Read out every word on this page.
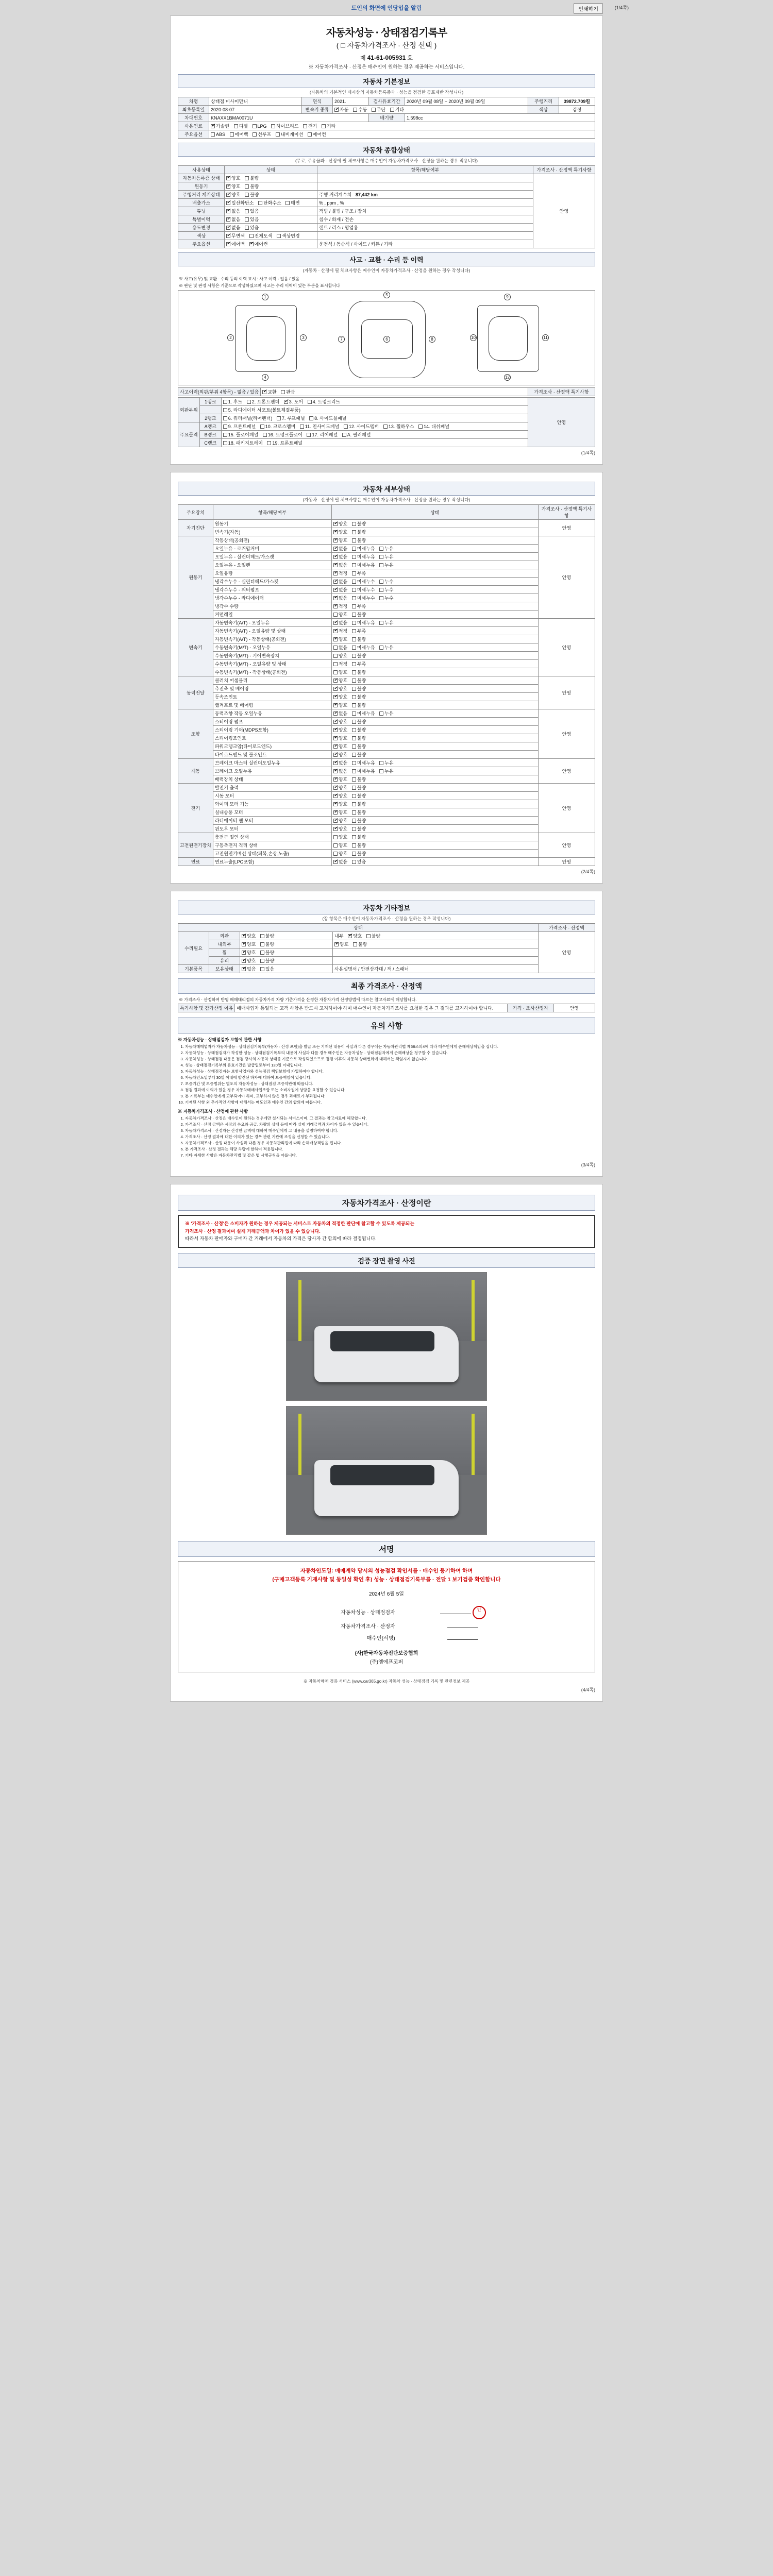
트인의 화면에 인당입을 알림	인쇄하기	(1/4쪽)
자동차성능 · 상태점검기록부
( □ 자동차가격조사 · 산정 선택 )
제 41-61-005931 호
※ 자동차가격조사 · 산정은 매수인이 원하는 경우 제공하는 서비스입니다.
자동차 기본정보
(자동차의 기본적인 제시상의 자동차등록증과 · 성능을 점검한 공포제반 작성니다)
차명	상태점 미사미만니	연식	2021.	검사유효기간	2020년 09월 08일 ~ 2020년 09월 09일	주행거리	39872.709킬
최초등록일	2020-08-07	변속기 종류	✔자동 수동 무단 기타			색상	검정
차대번호	KNAXX1BMA0071U			배기량	1,598cc		
사용연료	✔가솔린 디젤 LPG 하이브리드 전기 기타
주요옵션	ABS 에어백 선루프 내비게이션 에어컨						
자동차 종합상태
(무료, 주유물과 · 산정에 필 체크사항은 매수인이 자동차가격조사 · 산정을 원하는 경우 적용니다)
사용상태	상태	항목/해당여부	가격조사 · 산정액 특기사항
자동차등록증 상태	✔양호 불량		안영
원동기	✔양호 불량	
주행거리 계기상태	✔양호 불량	주행 거리계수치 87,442 km	
배출가스	✔일산화탄소 탄화수소 매연	% , ppm , %	
튜닝	✔없음 있음	적법 / 불법 / 구조 / 장치	
특별이력	✔없음 있음	침수 / 화재 / 전손	
용도변경	✔없음 있음	렌트 / 리스 / 영업용	
색상	✔무변색 전체도색 색상변경	
주요옵션	✔에어백 ✔ 에어컨	운전석 / 동승석 / 사이드 / 커튼 / 기타	
사고 · 교환 · 수리 등 이력
(자동차 · 산정에 필 체크사항은 매수인이 자동차가격조사 · 산정을 원하는 경우 작성니다)
※ 사고(유무) 및 교환 · 수리 등의 이력 표시 : 사고 이력 - 없음 / 있음
※ 판단 및 판정 사항은 기준으로 작성하였으며 사고는 수리 이력이 있는 부분을 표시합니다
1
2	3
4
5
6
7	8
9
10	11
12
사고이력(외판/부위 4항목) - 없음 / 있음	✔교환 판금	가격조사 · 산정액 특기사항
외판부위	1랭크	1. 후드 2. 프론트펜더 ✔ 3. 도어 4. 트렁크리드	안영
		5. 라디에이터 서포트(볼트체결부품)	
	2랭크	6. 쿼터패널(리어펜더) 7. 루프패널 8. 사이드실패널	
주요골격	A랭크	9. 프론트패널 10. 크로스멤버 11. 인사이드패널 12. 사이드멤버 13. 휠하우스 14. 대쉬패널	
	B랭크	15. 플로어패널 16. 트렁크플로어 17. 리어패널 A. 필러패널	
	C랭크	18. 패키지트레이 19. 프론트패널	
(1/4쪽)
자동차 세부상태
(자동차 · 산정에 필 체크사항은 매수인이 자동차가격조사 · 산정을 원하는 경우 작성니다)
주요장치	항목/해당여부	상태	가격조사 · 산정액 특기사항
자기진단	원동기	✔양호 불량	안영
	변속기(자동)	✔양호 불량
원동기	작동상태(공회전)	✔양호 불량	안영
	오일누유 - 로커암커버	✔없음 미세누유 누유
	오일누유 - 실린더헤드/가스켓	✔없음 미세누유 누유
	오일누유 - 오일팬	✔없음 미세누유 누유
	오일유량	✔적정 부족
	냉각수누수 - 실린더헤드/가스켓	✔없음 미세누수 누수
	냉각수누수 - 워터펌프	✔없음 미세누수 누수
	냉각수누수 - 라디에이터	✔없음 미세누수 누수
	냉각수 수량	✔적정 부족
	커먼레일	양호 불량	
변속기	자동변속기(A/T) - 오일누유	✔없음 미세누유 누유	안영
	자동변속기(A/T) - 오일유량 및 상태	✔적정 부족
	자동변속기(A/T) - 작동상태(공회전)	✔양호 불량
	수동변속기(M/T) - 오일누유	없음 미세누유 누유	
	수동변속기(M/T) - 기어변속장치	양호 불량	
	수동변속기(M/T) - 오일유량 및 상태	적정 부족	
	수동변속기(M/T) - 작동상태(공회전)	양호 불량	
동력전달	클러치 어셈블리	✔양호 불량	안영
	추진축 및 베어링	✔양호 불량
	등속조인트	✔양호 불량
	했켜프트 및 베어링	✔양호 불량
조향	동력조향 작동 오일누유	✔없음 미세누유 누유	안영
	스티어링 펌프	✔양호 불량
	스티어링 기어(MDPS포함)	✔양호 불량
	스티어링조인트	✔양호 불량
	파워크랭크암(타이로드엔드)	✔양호 불량
	타이로드엔드 및 볼조인트	✔양호 불량
제동	브레이크 마스터 실린더오일누유	✔없음 미세누유 누유	안영
	브레이크 오일누유	✔없음 미세누유 누유
	배력장치 상태	✔양호 불량
전기	발전기 출력	✔양호 불량	안영
	시동 모터	✔양호 불량
	와이퍼 모터 기능	✔양호 불량
	실내송풍 모터	✔양호 불량
	라디에이터 팬 모터	✔양호 불량
	윈도우 모터	✔양호 불량
고전원전기장치	충전구 절연 상태	양호 불량	안영
	구동축전지 격리 상태	양호 불량	
	고전원전기배선 상태(피복,손상,노출)	양호 불량	
연료	연료누출(LPG포함)	✔없음 있음	안영
(2/4쪽)
자동차 기타정보
(장 항목은 매수인이 자동차가격조사 · 산정을 원하는 경우 작성니다)
상태				가격조사 · 산정액
수리필요	외관	✔양호 불량	내부 ✔ 양호 불량	안영
	내외부	✔양호 불량	✔양호 불량
	휠	✔양호 불량	
	유리	✔양호 불량	
기본품목	보유상태	✔없음 있음	사용설명서 / 안전삼각대 / 잭 / 스패너	
최종 가격조사 · 산정액
※ 가격조사 · 산정하여 반영 매매대리점의 자동차가격 차량 기준가격을 산정한 자동차가격 산정방법에 따르는 참고자료에 해당합니다.
특기사항 및 감가산정 이유	매매사업자 통일되는 고객 사항은 반드시 고지하여야 하며 매수인이 자동차가격조사를 요청한 경우 그 결과를 고지하여야 합니다.	가격 · 조사산정자	안영
유의 사항
※ 자동차성능 · 상태점검자 보험에 관한 사항
1. 자동차매매업자가 자동차성능 · 상태점검기록부(자동차 · 산정 포함)을 발급 또는 기재된 내용이 사실과 다른 경우에는 자동차관리법 제58조의4에 따라 매수인에게 손해배상책임을 집니다.
2. 자동차성능 · 상태점검자가 작성한 성능 · 상태점검기록부의 내용이 사실과 다를 경우 매수인은 자동차성능 · 상태점검자에게 손해배상을 청구할 수 있습니다.
3. 자동차성능 · 상태점검 내용은 점검 당시의 자동차 상태를 기준으로 작성되었으므로 점검 이후의 자동차 상태변화에 대해서는 책임지지 않습니다.
4. 성능 · 상태점검기록부의 유효기간은 발급일로부터 120일 이내입니다.
5. 자동차성능 · 상태점검자는 보험사업자와 성능점검 책임보험에 가입하여야 합니다.
6. 자동차인도일부터 30일 이내에 발견된 하자에 대하여 보증책임이 있습니다.
7. 보증기간 및 보증범위는 별도의 자동차성능 · 상태점검 보증약관에 따릅니다.
8. 점검 결과에 이의가 있을 경우 자동차매매사업조합 또는 소비자원에 상담을 요청할 수 있습니다.
9. 본 기록부는 매수인에게 교부되어야 하며, 교부하지 않은 경우 과태료가 부과됩니다.
10. 기재된 사항 외 추가적인 사항에 대해서는 매도인과 매수인 간의 합의에 따릅니다.
※ 자동차가격조사 · 산정에 관한 사항
1. 자동차가격조사 · 산정은 매수인이 원하는 경우에만 실시되는 서비스이며, 그 결과는 참고자료에 해당합니다.
2. 가격조사 · 산정 금액은 시장의 수요와 공급, 차량의 상태 등에 따라 실제 거래금액과 차이가 있을 수 있습니다.
3. 자동차가격조사 · 산정자는 산정한 금액에 대하여 매수인에게 그 내용을 설명하여야 합니다.
4. 가격조사 · 산정 결과에 대한 이의가 있는 경우 관련 기관에 조정을 신청할 수 있습니다.
5. 자동차가격조사 · 산정 내용이 사실과 다른 경우 자동차관리법에 따라 손해배상책임을 집니다.
6. 본 가격조사 · 산정 결과는 해당 차량에 한하여 적용됩니다.
7. 기타 자세한 사항은 자동차관리법 및 같은 법 시행규칙을 따릅니다.
(3/4쪽)
자동차가격조사 · 산정이란
※ '가격조사 · 산정'은 소비자가 원하는 경우 제공되는 서비스로 자동차의 적정한 판단에 참고할 수 있도록 제공되는
가격조사 · 산정 결과이며 실제 거래금액과 차이가 있을 수 있습니다.
따라서 자동차 판매자와 구매자 간 거래에서 자동차의 가격은 당사자 간 합의에 따라 결정됩니다.
검증 장면 촬영 사진
서명
자동차인도일: 매매계약 당시의 성능점검 확인서를 · 매수인 등기하여 하며
(구매고객등록 기재사항 및 동일성 확인 후) 성능 · 상태점검기록부를 · 전달 1 보기검증 확인합니다
2024년 6월 5일
자동차성능 · 상태점검자	인
자동차가격조사 · 산정자	
매수인(서명)	
(사)한국자동차진단보증협회
(주)엠에프코퍼
※ 자동차매매 검증 서비스 (www.car365.go.kr) 자동차 성능 · 상태점검 기록 및 관련정보 제공
(4/4쪽)
